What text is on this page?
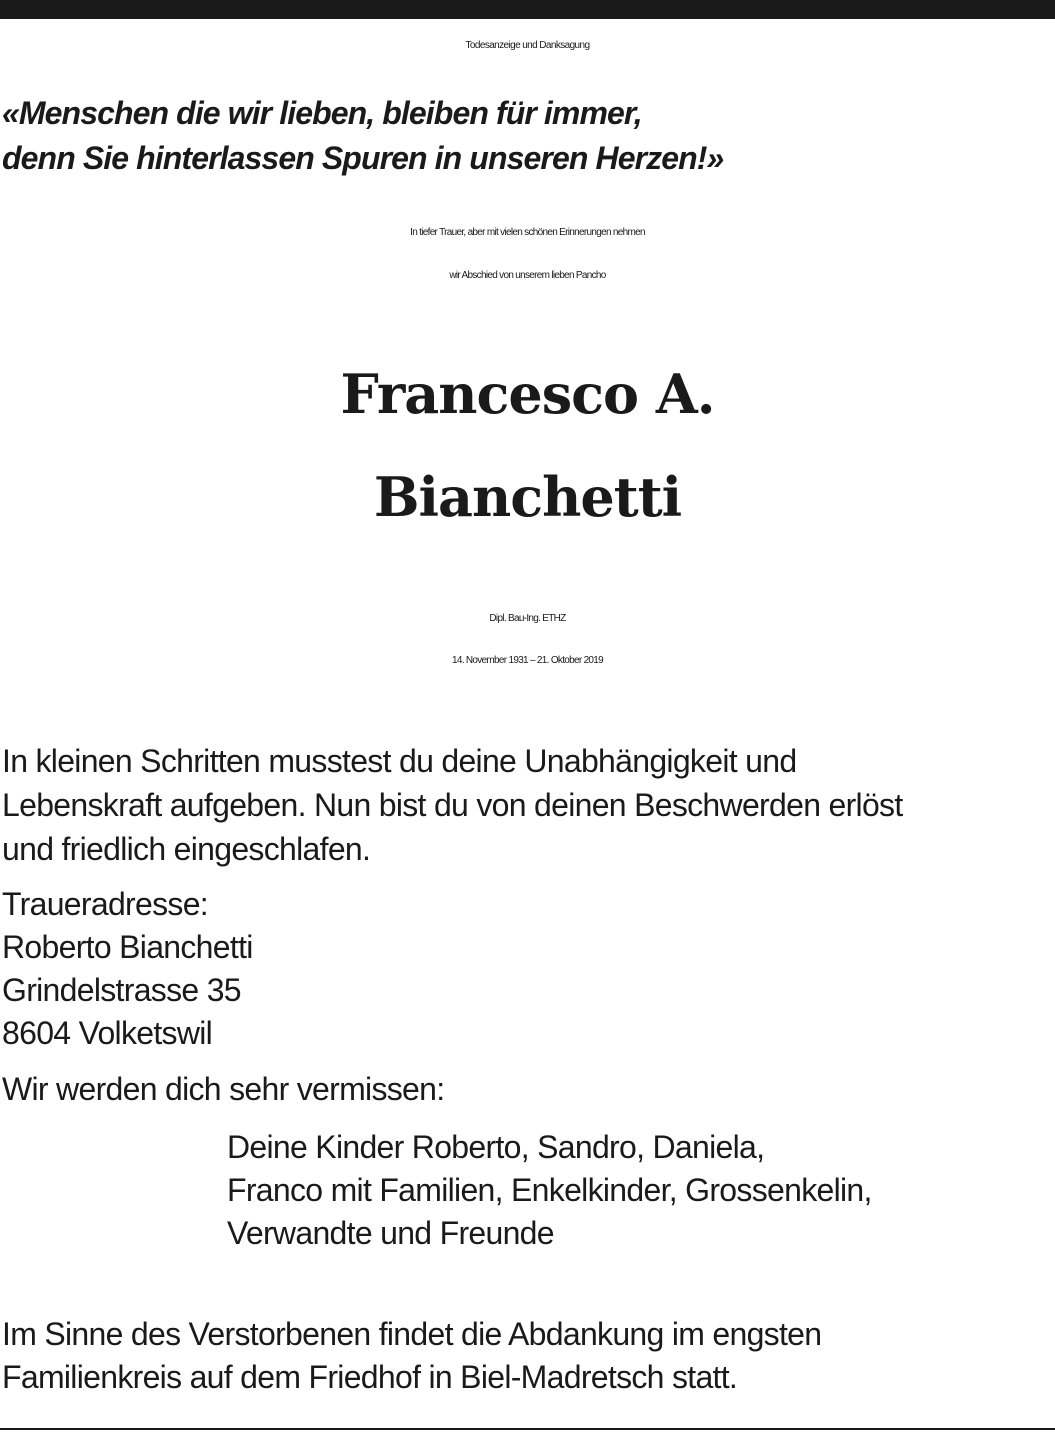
Todesanzeige und Danksagung

«Menschen die wir lieben, bleiben für immer,

denn Sie hinterlassen Spuren in unseren Herzen!»

In tiefer Trauer, aber mit vielen schönen Erinnerungen nehmen

wir Abschied von unserem lieben Pancho

Francesco A.

Bianchetti

Dipl. Bau-Ing. ETHZ

14. November 1931 – 21. Oktober 2019

In kleinen Schritten musstest du deine Unabhängigkeit und

Lebenskraft aufgeben. Nun bist du von deinen Beschwerden erlöst

und friedlich eingeschlafen.

Traueradresse:

Roberto Bianchetti

Grindelstrasse 35

8604 Volketswil

Wir werden dich sehr vermissen:

Deine Kinder Roberto, Sandro, Daniela,

Franco mit Familien, Enkelkinder, Grossenkelin,

Verwandte und Freunde

Im Sinne des Verstorbenen findet die Abdankung im engsten

Familienkreis auf dem Friedhof in Biel-Madretsch statt.
